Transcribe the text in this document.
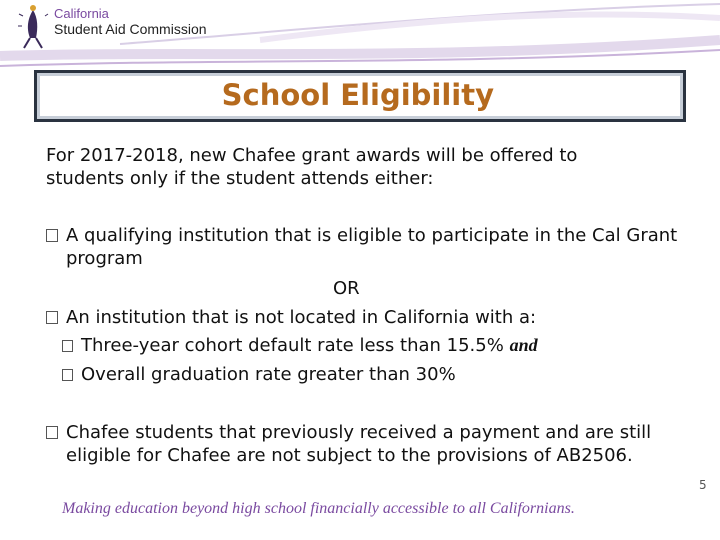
California
Student Aid Commission
School Eligibility
For 2017-2018, new Chafee grant awards will be offered to students only if the student attends either:
A qualifying institution that is eligible to participate in the Cal Grant program
OR
An institution that is not located in California with a:
Three-year cohort default rate less than 15.5% and
Overall graduation rate greater than 30%
Chafee students that previously received a payment and are still eligible for Chafee are not subject to the provisions of AB2506.
5
Making education beyond high school financially accessible to all Californians.
